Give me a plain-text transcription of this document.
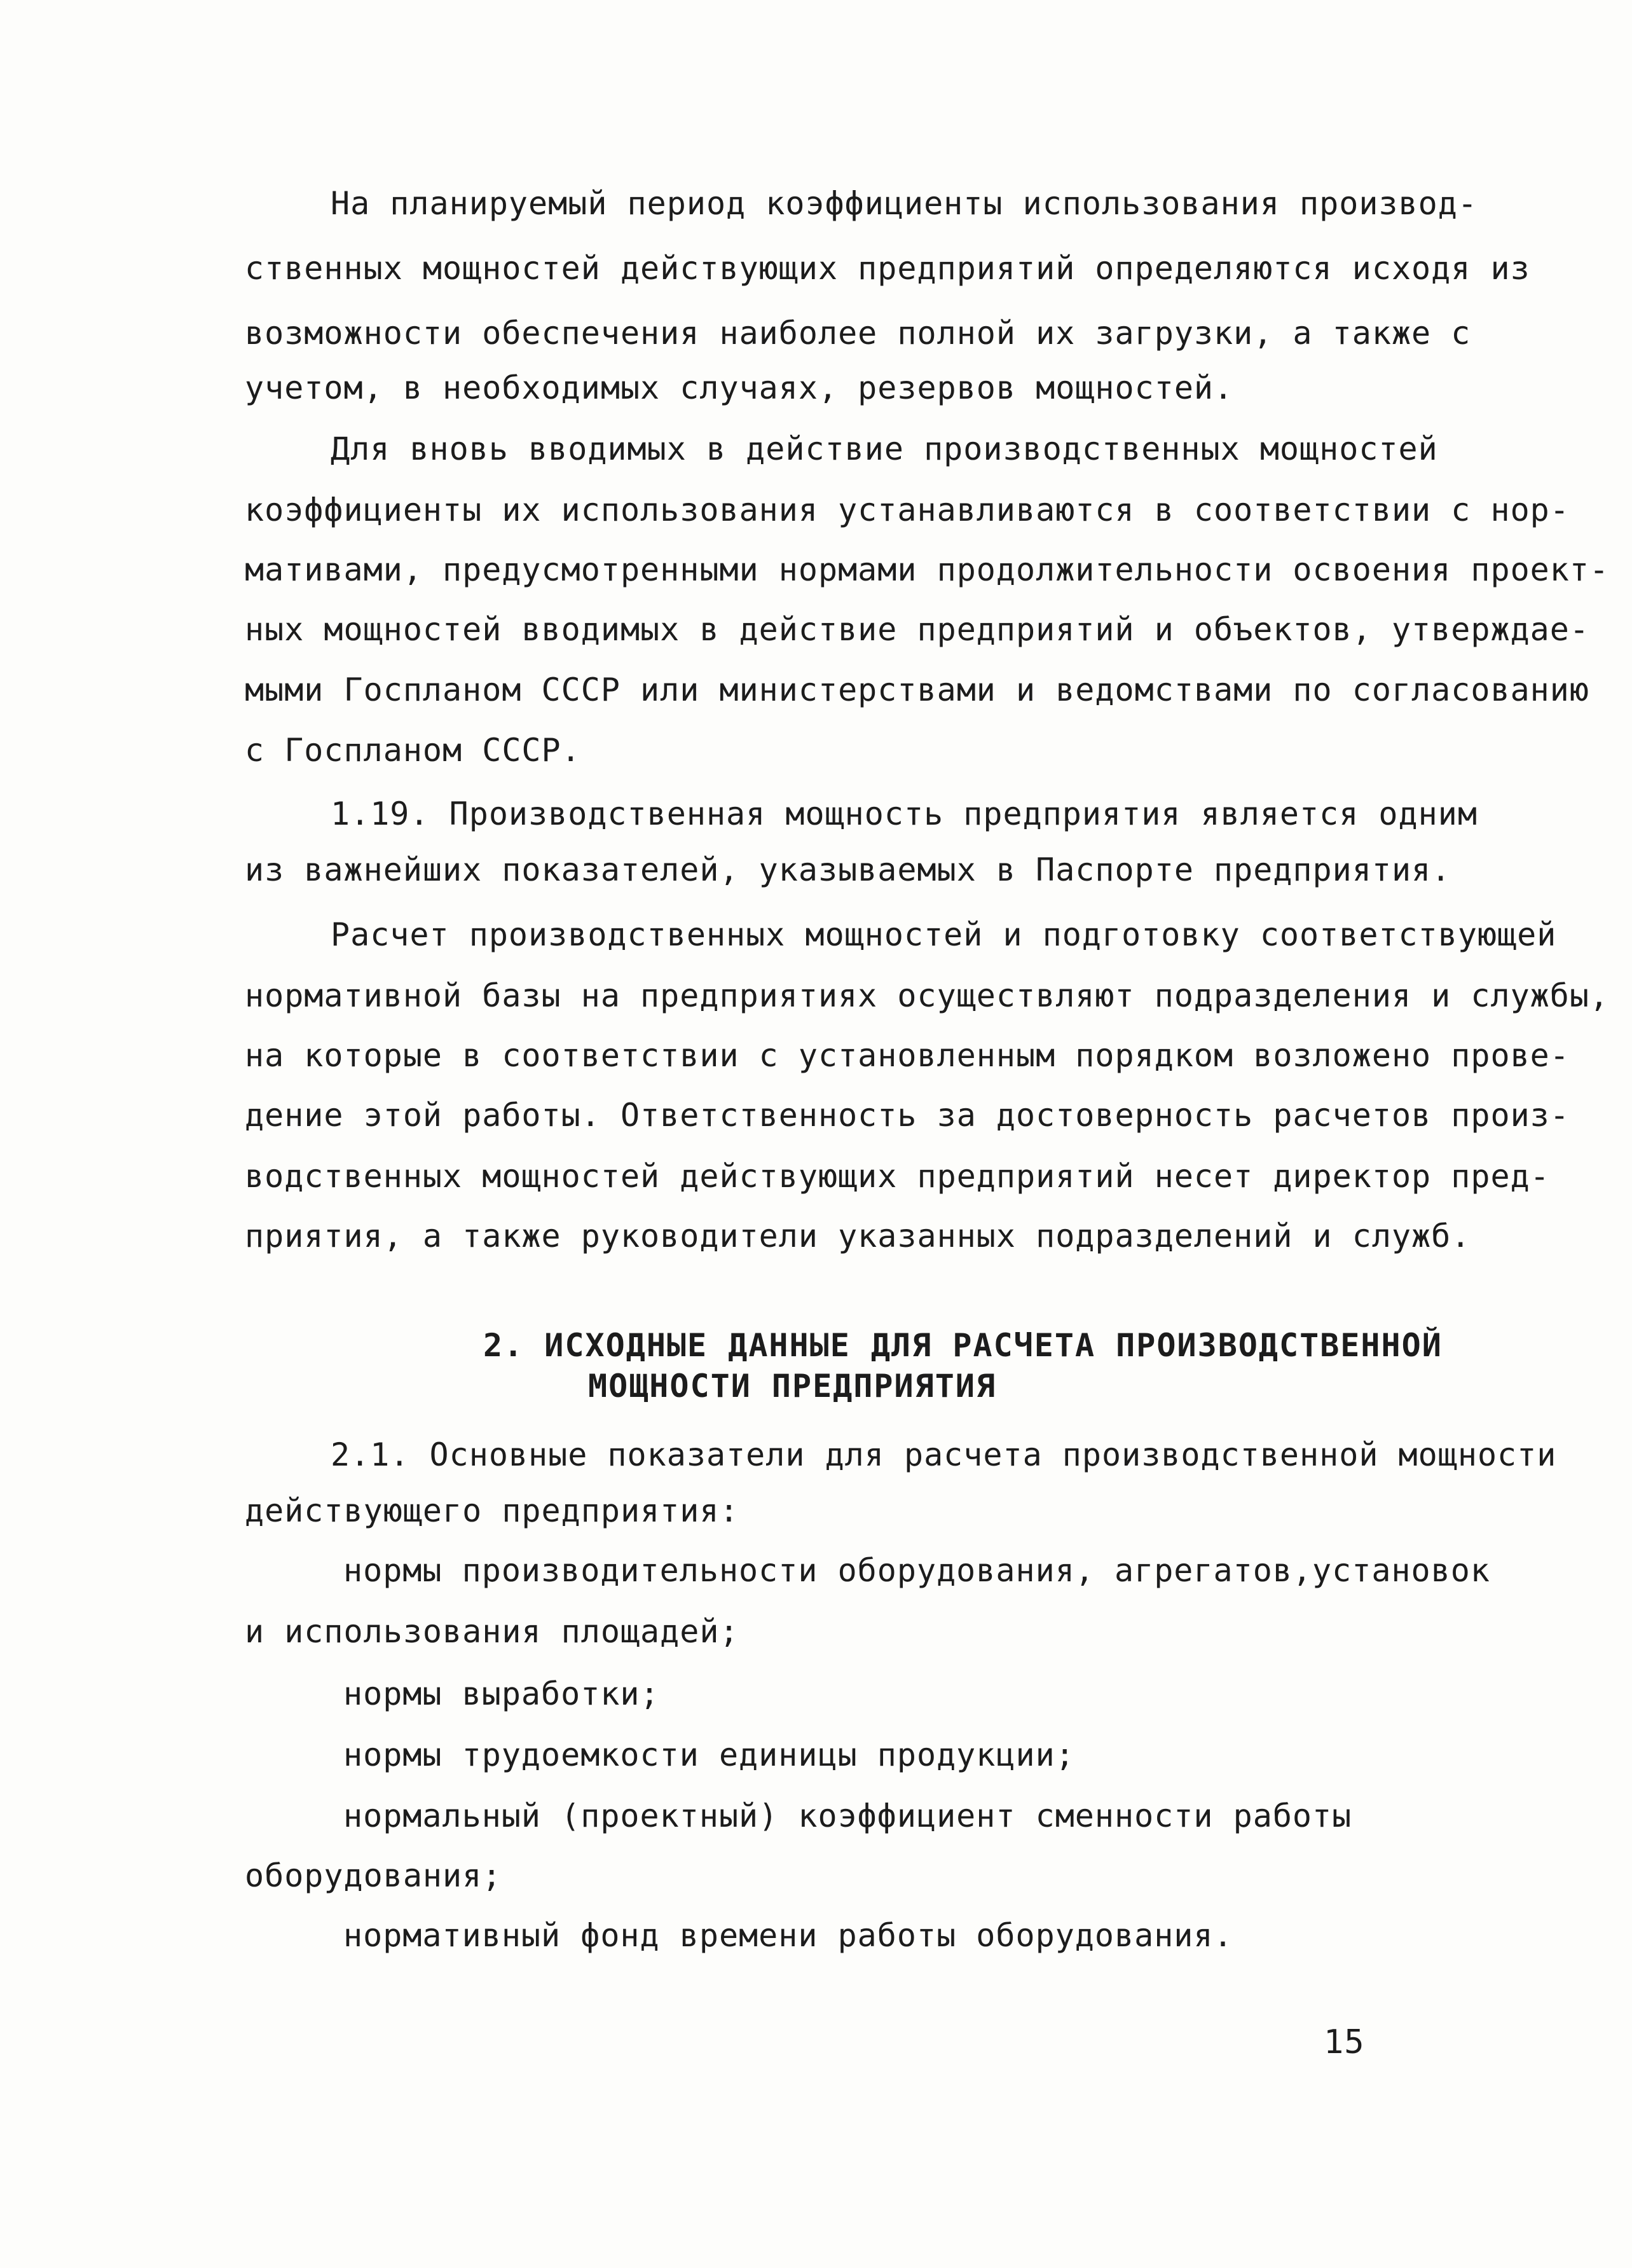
На планируемый период коэффициенты использования производ-
ственных мощностей действующих предприятий определяются исходя из
возможности обеспечения наиболее полной их загрузки, а также с
учетом, в необходимых случаях, резервов мощностей.
Для вновь вводимых в действие производственных мощностей
коэффициенты их использования устанавливаются в соответствии с нор-
мативами, предусмотренными нормами продолжительности освоения проект-
ных мощностей вводимых в действие предприятий и объектов, утверждае-
мыми Госпланом СССР или министерствами и ведомствами по согласованию
с Госпланом СССР.
1.19. Производственная мощность предприятия является одним
из важнейших показателей, указываемых в Паспорте предприятия.
Расчет производственных мощностей и подготовку соответствующей
нормативной базы на предприятиях осуществляют подразделения и службы,
на которые в соответствии с установленным порядком возложено прове-
дение этой работы. Ответственность за достоверность расчетов произ-
водственных мощностей действующих предприятий несет директор пред-
приятия, а также руководители указанных подразделений и служб.
2. ИСХОДНЫЕ ДАННЫЕ ДЛЯ РАСЧЕТА ПРОИЗВОДСТВЕННОЙ
МОЩНОСТИ ПРЕДПРИЯТИЯ
2.1. Основные показатели для расчета производственной мощности
действующего предприятия:
нормы производительности оборудования, агрегатов,установок
и использования площадей;
нормы выработки;
нормы трудоемкости единицы продукции;
нормальный (проектный) коэффициент сменности работы
оборудования;
нормативный фонд времени работы оборудования.
15
